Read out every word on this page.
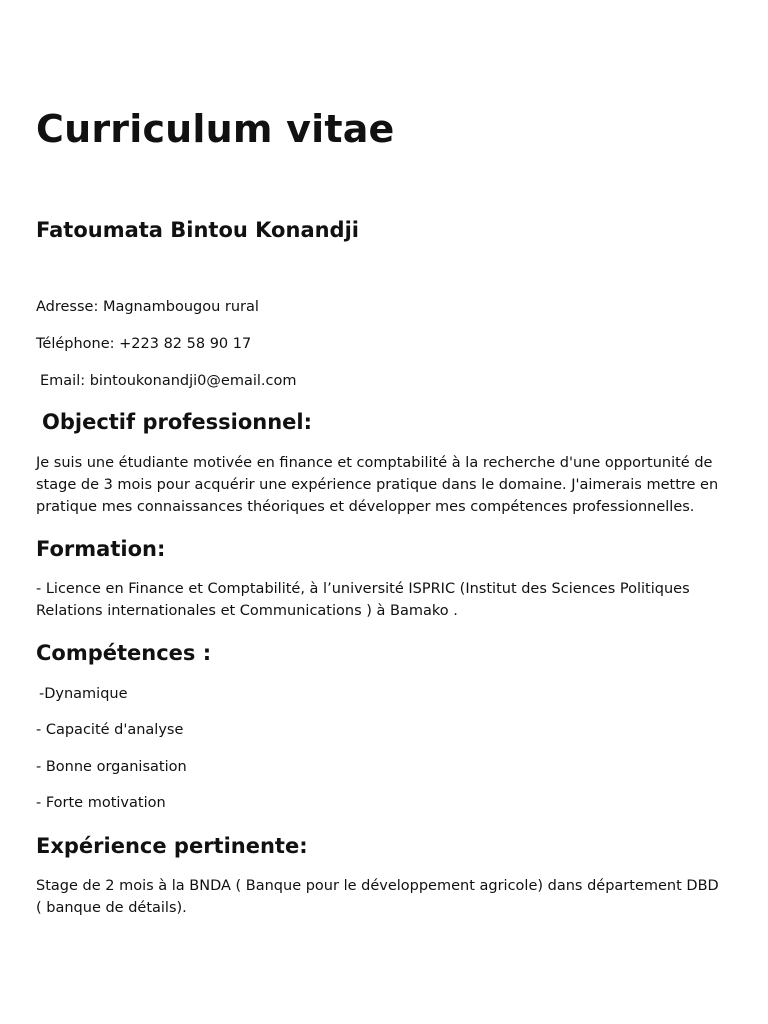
Curriculum vitae
Fatoumata Bintou Konandji

Adresse: Magnambougou rural

Téléphone: +223 82 58 90 17

Email: bintoukonandji0@email.com

Objectif professionnel:

Je suis une étudiante motivée en finance et comptabilité à la recherche d'une opportunité de stage de 3 mois pour acquérir une expérience pratique dans le domaine. J'aimerais mettre en pratique mes connaissances théoriques et développer mes compétences professionnelles.

Formation:

- Licence en Finance et Comptabilité, à l’université ISPRIC (Institut des Sciences Politiques Relations internationales et Communications ) à Bamako .

Compétences :

-Dynamique

- Capacité d'analyse

- Bonne organisation

- Forte motivation

Expérience pertinente:

Stage de 2 mois à la BNDA ( Banque pour le développement agricole) dans département DBD ( banque de détails).
